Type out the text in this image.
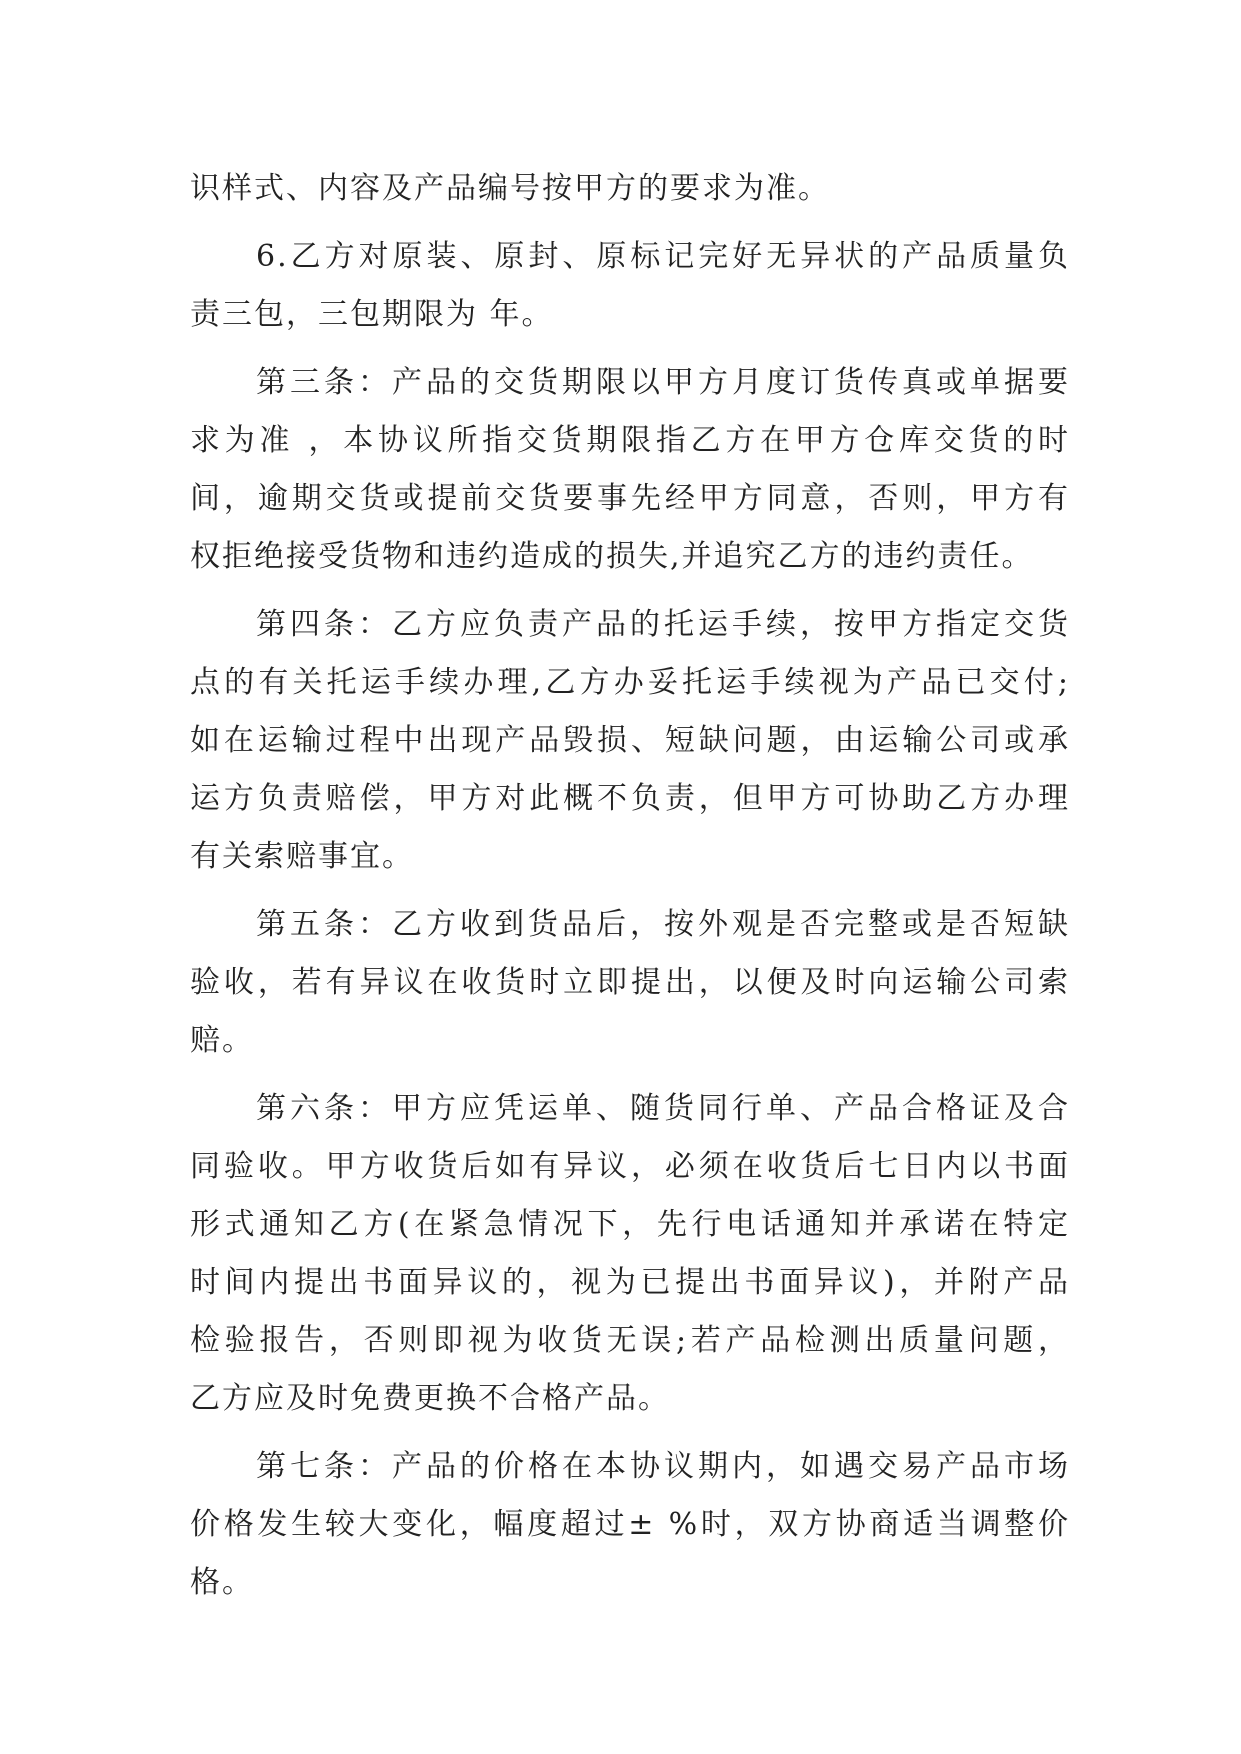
识样式、内容及产品编号按甲方的要求为准。
6.乙方对原装、原封、原标记完好无异状的产品质量负
责三包，三包期限为 年。
第三条：产品的交货期限以甲方月度订货传真或单据要
求为准 ，本协议所指交货期限指乙方在甲方仓库交货的时
间，逾期交货或提前交货要事先经甲方同意，否则，甲方有
权拒绝接受货物和违约造成的损失,并追究乙方的违约责任。
第四条：乙方应负责产品的托运手续，按甲方指定交货
点的有关托运手续办理,乙方办妥托运手续视为产品已交付;
如在运输过程中出现产品毁损、短缺问题，由运输公司或承
运方负责赔偿，甲方对此概不负责，但甲方可协助乙方办理
有关索赔事宜。
第五条：乙方收到货品后，按外观是否完整或是否短缺
验收，若有异议在收货时立即提出，以便及时向运输公司索
赔。
第六条：甲方应凭运单、随货同行单、产品合格证及合
同验收。甲方收货后如有异议，必须在收货后七日内以书面
形式通知乙方(在紧急情况下，先行电话通知并承诺在特定
时间内提出书面异议的，视为已提出书面异议)，并附产品
检验报告，否则即视为收货无误;若产品检测出质量问题，
乙方应及时免费更换不合格产品。
第七条：产品的价格在本协议期内，如遇交易产品市场
价格发生较大变化，幅度超过± %时，双方协商适当调整价
格。
